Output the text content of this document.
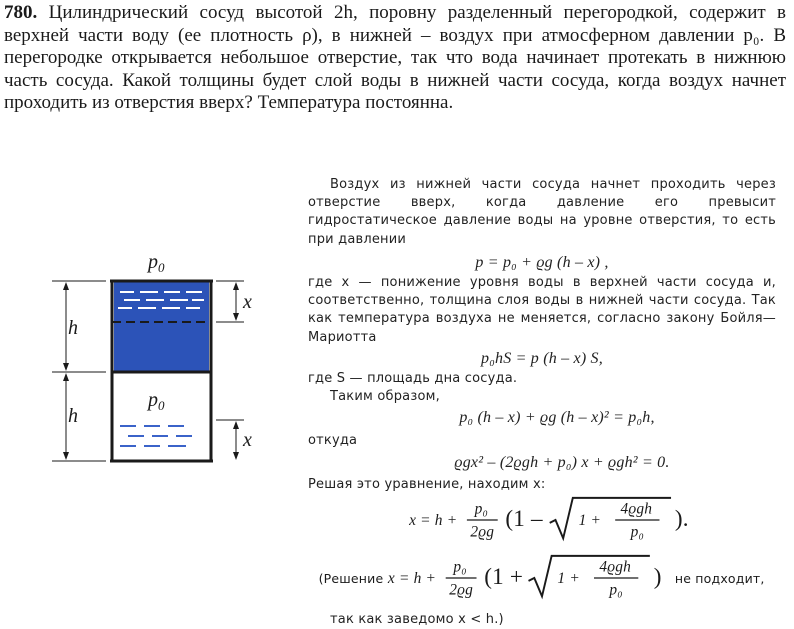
780. Цилиндрический сосуд высотой 2h, поровну разделенный перегородкой, содержит в верхней части воду (ее плотность ρ), в нижней – воздух при атмосферном давлении p₀. В перегородке открывается небольшое отверстие, так что вода начинает протекать в нижнюю часть сосуда. Какой толщины будет слой воды в нижней части сосуда, когда воздух начнет проходить из отверстия вверх? Температура постоянна.
$p_0$
$p_0$
h
h
x
x

Воздух из нижней части сосуда начнет проходить через отверстие вверх, когда давление его превысит гидростатическое давление воды на уровне отверстия, то есть при давлении

p = p₀ + ϱg (h – x) ,

где x — понижение уровня воды в верхней части сосуда и, соответственно, толщина слоя воды в нижней части сосуда. Так как температура воздуха не меняется, согласно закону Бойля—Мариотта

p₀hS = p (h – x) S,

где S — площадь дна сосуда.

Таким образом,

p₀ (h – x) + ϱg (h – x)² = p₀h,

откуда

ϱgx² – (2ϱgh + p₀) x + ϱgh² = 0.

Решая это уравнение, находим x:

x = h +
p₀
2ϱg
(1 – 1 +
4ϱgh
p₀
).

(Решение x = h +
p₀
2ϱg
(1 + 1 +
4ϱgh
p₀
) не подходит,

так как заведомо x < h.)
